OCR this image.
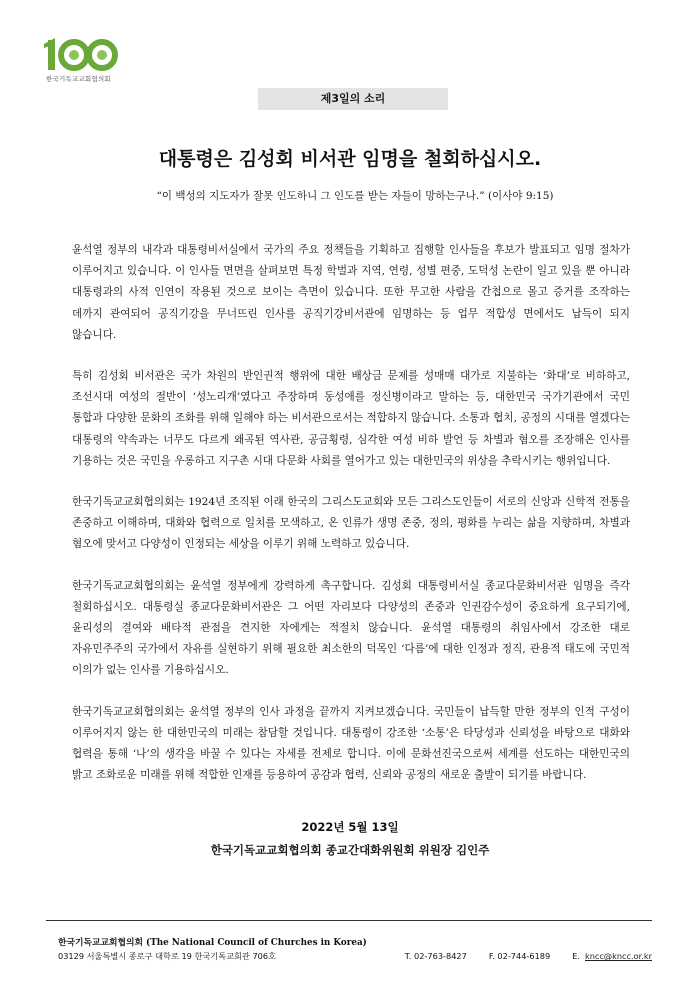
한국기독교교회협의회
제3일의 소리
대통령은 김성회 비서관 임명을 철회하십시오.
“이 백성의 지도자가 잘못 인도하니 그 인도를 받는 자들이 망하는구나.” (이사야 9:15)

윤석열 정부의 내각과 대통령비서실에서 국가의 주요 정책들을 기획하고 집행할 인사들을 후보가 발표되고 임명 절차가 이루어지고 있습니다. 이 인사들 면면을 살펴보면 특정 학벌과 지역, 연령, 성별 편중, 도덕성 논란이 일고 있을 뿐 아니라 대통령과의 사적 인연이 작용된 것으로 보이는 측면이 있습니다. 또한 무고한 사람을 간첩으로 몰고 증거를 조작하는 데까지 관여되어 공직기강을 무너뜨린 인사를 공직기강비서관에 임명하는 등 업무 적합성 면에서도 납득이 되지 않습니다.

특히 김성회 비서관은 국가 차원의 반인권적 행위에 대한 배상금 문제를 성매매 대가로 지불하는 ‘화대’로 비하하고, 조선시대 여성의 절반이 ‘성노리개’였다고 주장하며 동성애를 정신병이라고 말하는 등, 대한민국 국가기관에서 국민 통합과 다양한 문화의 조화를 위해 일해야 하는 비서관으로서는 적합하지 않습니다. 소통과 협치, 공정의 시대를 열겠다는 대통령의 약속과는 너무도 다르게 왜곡된 역사관, 공금횡령, 심각한 여성 비하 발언 등 차별과 혐오를 조장해온 인사를 기용하는 것은 국민을 우롱하고 지구촌 시대 다문화 사회를 열어가고 있는 대한민국의 위상을 추락시키는 행위입니다.

한국기독교교회협의회는 1924년 조직된 이래 한국의 그리스도교회와 모든 그리스도인들이 서로의 신앙과 신학적 전통을 존중하고 이해하며, 대화와 협력으로 일치를 모색하고, 온 인류가 생명 존중, 정의, 평화를 누리는 삶을 지향하며, 차별과 혐오에 맞서고 다양성이 인정되는 세상을 이루기 위해 노력하고 있습니다.

한국기독교교회협의회는 윤석열 정부에게 강력하게 촉구합니다. 김성회 대통령비서실 종교다문화비서관 임명을 즉각 철회하십시오. 대통령실 종교다문화비서관은 그 어떤 자리보다 다양성의 존중과 인권감수성이 중요하게 요구되기에, 윤리성의 결여와 배타적 관점을 견지한 자에게는 적절치 않습니다. 윤석열 대통령의 취임사에서 강조한 대로 자유민주주의 국가에서 자유를 실현하기 위해 필요한 최소한의 덕목인 ‘다름’에 대한 인정과 정직, 관용적 태도에 국민적 이의가 없는 인사를 기용하십시오.

한국기독교교회협의회는 윤석열 정부의 인사 과정을 끝까지 지켜보겠습니다. 국민들이 납득할 만한 정부의 인적 구성이 이루어지지 않는 한 대한민국의 미래는 참담할 것입니다. 대통령이 강조한 ‘소통’은 타당성과 신뢰성을 바탕으로 대화와 협력을 통해 ‘나’의 생각을 바꿀 수 있다는 자세를 전제로 합니다. 이에 문화선진국으로써 세계를 선도하는 대한민국의 밝고 조화로운 미래를 위해 적합한 인재를 등용하여 공감과 협력, 신뢰와 공정의 새로운 출발이 되기를 바랍니다.

2022년 5월 13일
한국기독교교회협의회 종교간대화위원회 위원장 김인주
한국기독교교회협의회 (The National Council of Churches in Korea)
03129 서울특별시 종로구 대학로 19 한국기독교회관 706호	T. 02-763-8427	F. 02-744-6189	E. kncc@kncc.or.kr
